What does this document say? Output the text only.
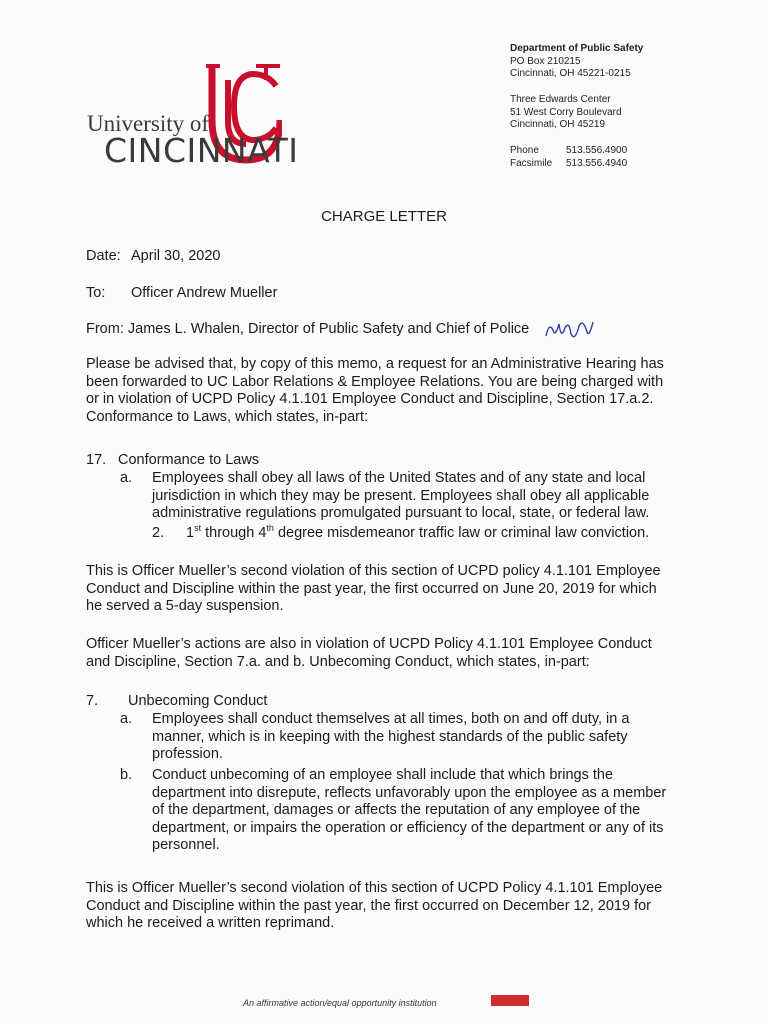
University of
CINCINNATI
Department of Public Safety
PO Box 210215
Cincinnati, OH 45221-0215
Three Edwards Center
51 West Corry Boulevard
Cincinnati, OH 45219
Phone	513.556.4900
Facsimile 513.556.4940
CHARGE LETTER
Date: April 30, 2020
To: Officer Andrew Mueller
From: James L. Whalen, Director of Public Safety and Chief of Police
Please be advised that, by copy of this memo, a request for an Administrative Hearing has
been forwarded to UC Labor Relations & Employee Relations. You are being charged with
or in violation of UCPD Policy 4.1.101 Employee Conduct and Discipline, Section 17.a.2.
Conformance to Laws, which states, in-part:
17. Conformance to Laws
a. Employees shall obey all laws of the United States and of any state and local
jurisdiction in which they may be present. Employees shall obey all applicable
administrative regulations promulgated pursuant to local, state, or federal law.
2. 1st through 4th degree misdemeanor traffic law or criminal law conviction.
This is Officer Mueller’s second violation of this section of UCPD policy 4.1.101 Employee
Conduct and Discipline within the past year, the first occurred on June 20, 2019 for which
he served a 5-day suspension.
Officer Mueller’s actions are also in violation of UCPD Policy 4.1.101 Employee Conduct
and Discipline, Section 7.a. and b. Unbecoming Conduct, which states, in-part:
7. Unbecoming Conduct
a. Employees shall conduct themselves at all times, both on and off duty, in a
manner, which is in keeping with the highest standards of the public safety
profession.
b. Conduct unbecoming of an employee shall include that which brings the
department into disrepute, reflects unfavorably upon the employee as a member
of the department, damages or affects the reputation of any employee of the
department, or impairs the operation or efficiency of the department or any of its
personnel.
This is Officer Mueller’s second violation of this section of UCPD Policy 4.1.101 Employee
Conduct and Discipline within the past year, the first occurred on December 12, 2019 for
which he received a written reprimand.
An affirmative action/equal opportunity institution
